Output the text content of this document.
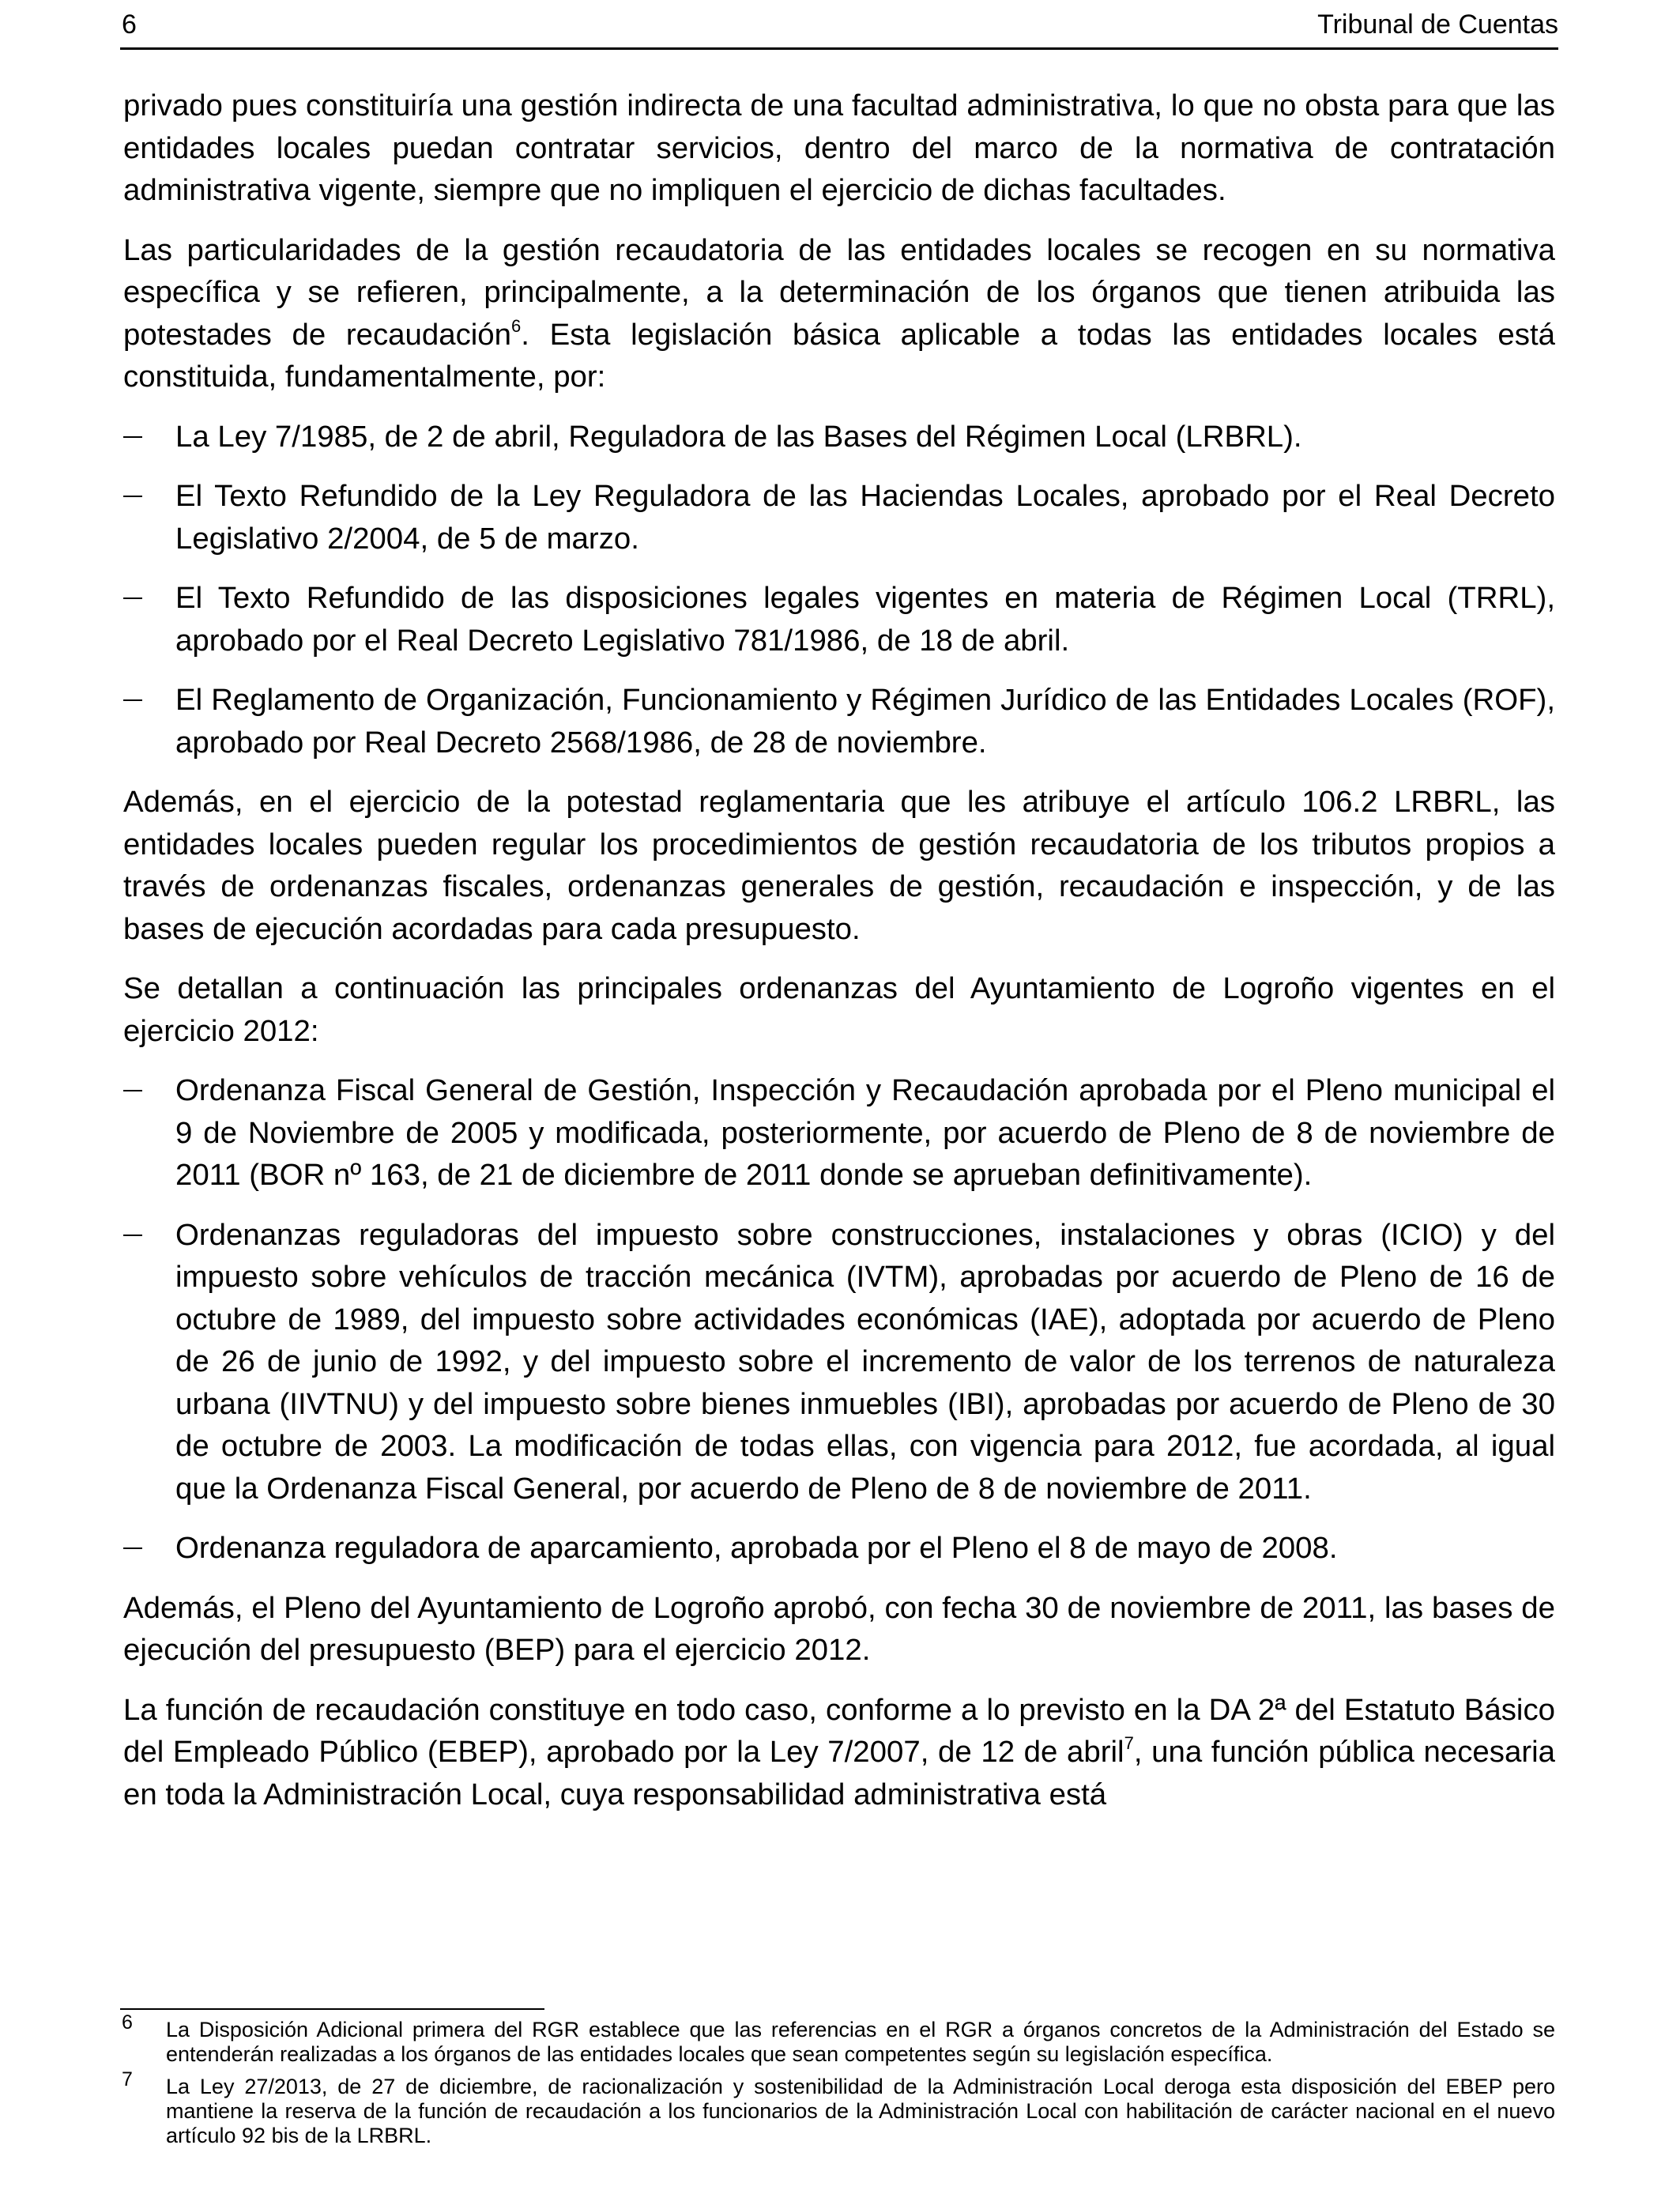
6	Tribunal de Cuentas

privado pues constituiría una gestión indirecta de una facultad administrativa, lo que no obsta para que las entidades locales puedan contratar servicios, dentro del marco de la normativa de contratación administrativa vigente, siempre que no impliquen el ejercicio de dichas facultades.

Las particularidades de la gestión recaudatoria de las entidades locales se recogen en su normativa específica y se refieren, principalmente, a la determinación de los órganos que tienen atribuida las potestades de recaudación$^6$. Esta legislación básica aplicable a todas las entidades locales está constituida, fundamentalmente, por:

La Ley 7/1985, de 2 de abril, Reguladora de las Bases del Régimen Local (LRBRL).
El Texto Refundido de la Ley Reguladora de las Haciendas Locales, aprobado por el Real Decreto Legislativo 2/2004, de 5 de marzo.
El Texto Refundido de las disposiciones legales vigentes en materia de Régimen Local (TRRL), aprobado por el Real Decreto Legislativo 781/1986, de 18 de abril.
El Reglamento de Organización, Funcionamiento y Régimen Jurídico de las Entidades Locales (ROF), aprobado por Real Decreto 2568/1986, de 28 de noviembre.

Además, en el ejercicio de la potestad reglamentaria que les atribuye el artículo 106.2 LRBRL, las entidades locales pueden regular los procedimientos de gestión recaudatoria de los tributos propios a través de ordenanzas fiscales, ordenanzas generales de gestión, recaudación e inspección, y de las bases de ejecución acordadas para cada presupuesto.

Se detallan a continuación las principales ordenanzas del Ayuntamiento de Logroño vigentes en el ejercicio 2012:

Ordenanza Fiscal General de Gestión, Inspección y Recaudación aprobada por el Pleno municipal el 9 de Noviembre de 2005 y modificada, posteriormente, por acuerdo de Pleno de 8 de noviembre de 2011 (BOR nº 163, de 21 de diciembre de 2011 donde se aprueban definitivamente).
Ordenanzas reguladoras del impuesto sobre construcciones, instalaciones y obras (ICIO) y del impuesto sobre vehículos de tracción mecánica (IVTM), aprobadas por acuerdo de Pleno de 16 de octubre de 1989, del impuesto sobre actividades económicas (IAE), adoptada por acuerdo de Pleno de 26 de junio de 1992, y del impuesto sobre el incremento de valor de los terrenos de naturaleza urbana (IIVTNU) y del impuesto sobre bienes inmuebles (IBI), aprobadas por acuerdo de Pleno de 30 de octubre de 2003. La modificación de todas ellas, con vigencia para 2012, fue acordada, al igual que la Ordenanza Fiscal General, por acuerdo de Pleno de 8 de noviembre de 2011.
Ordenanza reguladora de aparcamiento, aprobada por el Pleno el 8 de mayo de 2008.

Además, el Pleno del Ayuntamiento de Logroño aprobó, con fecha 30 de noviembre de 2011, las bases de ejecución del presupuesto (BEP) para el ejercicio 2012.

La función de recaudación constituye en todo caso, conforme a lo previsto en la DA 2ª del Estatuto Básico del Empleado Público (EBEP), aprobado por la Ley 7/2007, de 12 de abril$^7$, una función pública necesaria en toda la Administración Local, cuya responsabilidad administrativa está

6 La Disposición Adicional primera del RGR establece que las referencias en el RGR a órganos concretos de la Administración del Estado se entenderán realizadas a los órganos de las entidades locales que sean competentes según su legislación específica.
7 La Ley 27/2013, de 27 de diciembre, de racionalización y sostenibilidad de la Administración Local deroga esta disposición del EBEP pero mantiene la reserva de la función de recaudación a los funcionarios de la Administración Local con habilitación de carácter nacional en el nuevo artículo 92 bis de la LRBRL.
